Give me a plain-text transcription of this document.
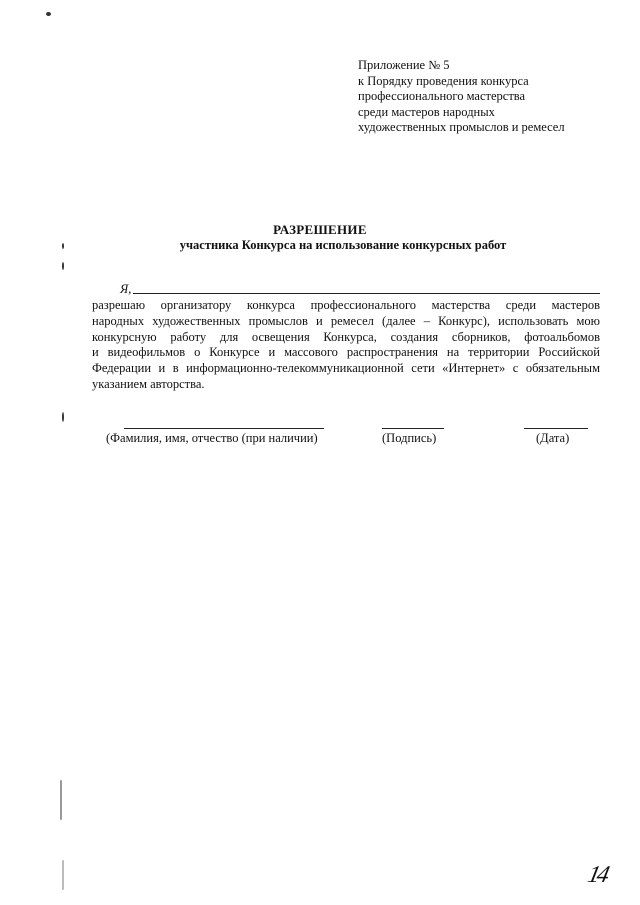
Приложение № 5
к Порядку проведения конкурса
профессионального мастерства
среди мастеров народных
художественных промыслов и ремесел
РАЗРЕШЕНИЕ
участника Конкурса на использование конкурсных работ
Я,
разрешаю организатору конкурса профессионального мастерства среди мастеров
народных художественных промыслов и ремесел (далее – Конкурс), использовать мою
конкурсную работу для освещения Конкурса, создания сборников, фотоальбомов
и видеофильмов о Конкурсе и массового распространения на территории Российской
Федерации и в информационно-телекоммуникационной сети «Интернет» с обязательным
указанием авторства.
(Фамилия, имя, отчество (при наличии)	(Подпись)	(Дата)
14
